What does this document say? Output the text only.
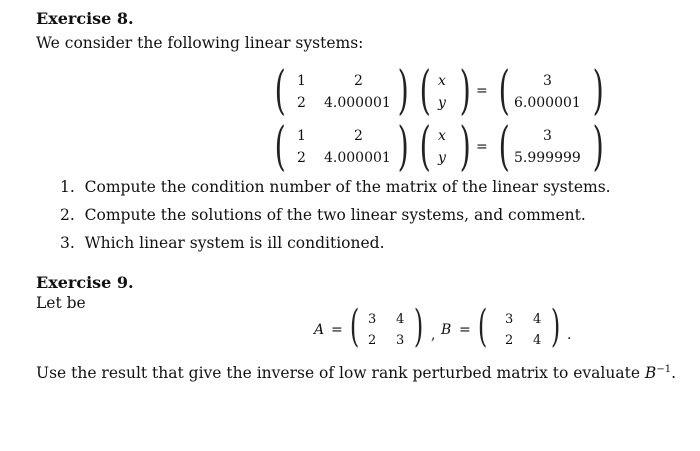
Exercise 8.
We consider the following linear systems:
( 1	2
2 4.000001 ) ( x
y ) = ( 3
6.000001 )
( 1	2
2 4.000001 ) ( x
y ) = ( 3
5.999999 )
1. Compute the condition number of the matrix of the linear systems.
2. Compute the solutions of the two linear systems, and comment.
3. Which linear system is ill conditioned.
Exercise 9.
Let be
A = ( 3 4
2 3 ) , B = ( 3 4
2 4 ) .
Use the result that give the inverse of low rank perturbed matrix to evaluate $B^{-1}$.
